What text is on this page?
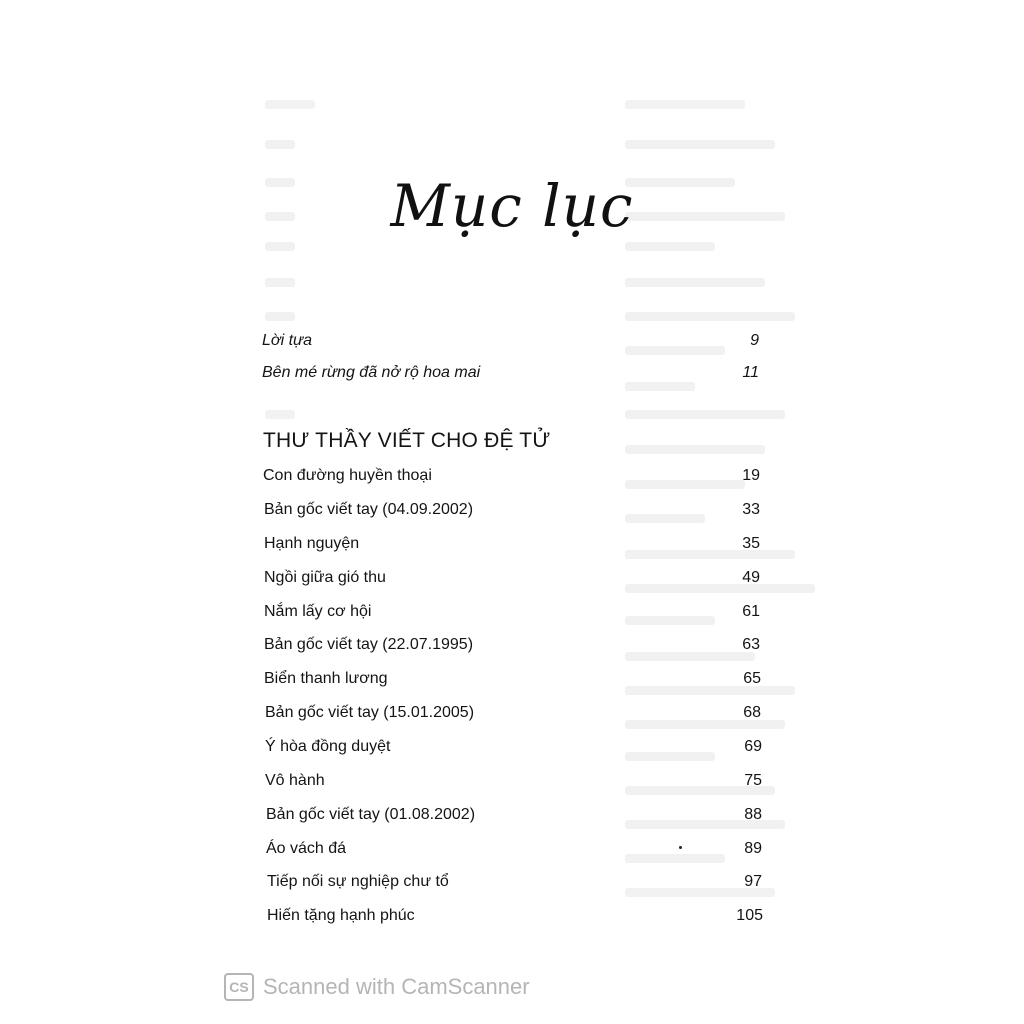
Mục lục
Lời tựa	9
Bên mé rừng đã nở rộ hoa mai	11
THƯ THẦY VIẾT CHO ĐỆ TỬ
Con đường huyền thoại	19
Bản gốc viết tay (04.09.2002)	33
Hạnh nguyện	35
Ngồi giữa gió thu	49
Nắm lấy cơ hội	61
Bản gốc viết tay (22.07.1995)	63
Biển thanh lương	65
Bản gốc viết tay (15.01.2005)	68
Ý hòa đồng duyệt	69
Vô hành	75
Bản gốc viết tay (01.08.2002)	88
Áo vách đá	89
Tiếp nối sự nghiệp chư tổ	97
Hiến tặng hạnh phúc	105
CS Scanned with CamScanner
